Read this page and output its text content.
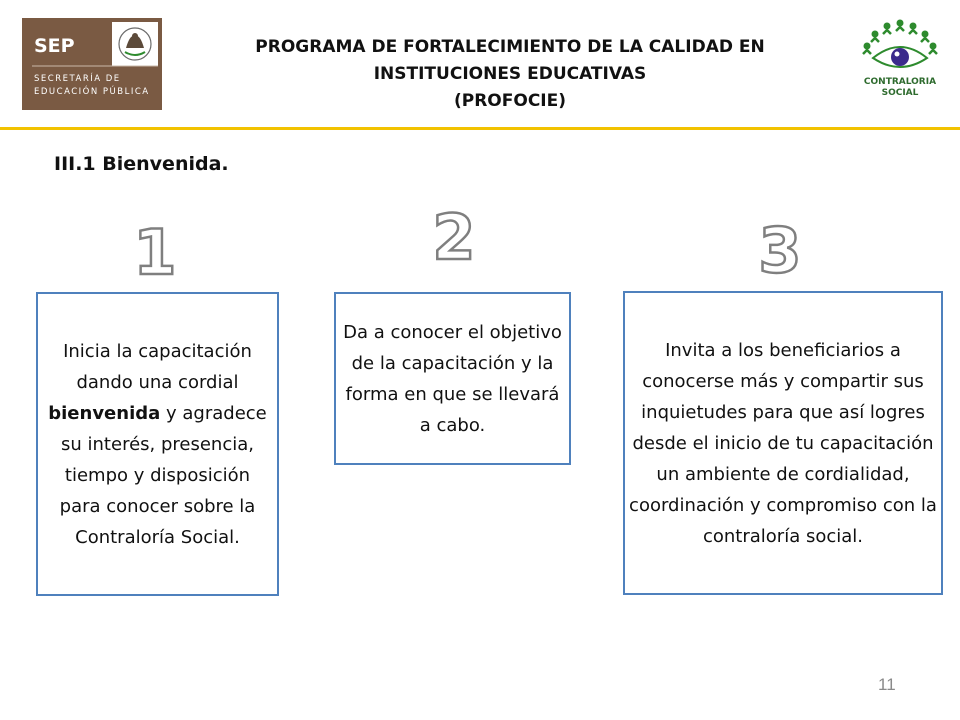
SEP
SECRETARÍA DE
EDUCACIÓN PÚBLICA
PROGRAMA DE FORTALECIMIENTO DE LA CALIDAD EN
INSTITUCIONES EDUCATIVAS
(PROFOCIE)
CONTRALORIA
SOCIAL
III.1 Bienvenida.
1	2	3

Inicia la capacitación dando una cordial bienvenida y agradece su interés, presencia, tiempo y disposición para conocer sobre la Contraloría Social.

Da a conocer el objetivo de la capacitación y la forma en que se llevará a cabo.

Invita a los beneficiarios a conocerse más y compartir sus inquietudes para que así logres desde el inicio de tu capacitación un ambiente de cordialidad, coordinación y compromiso con la contraloría social.

11
